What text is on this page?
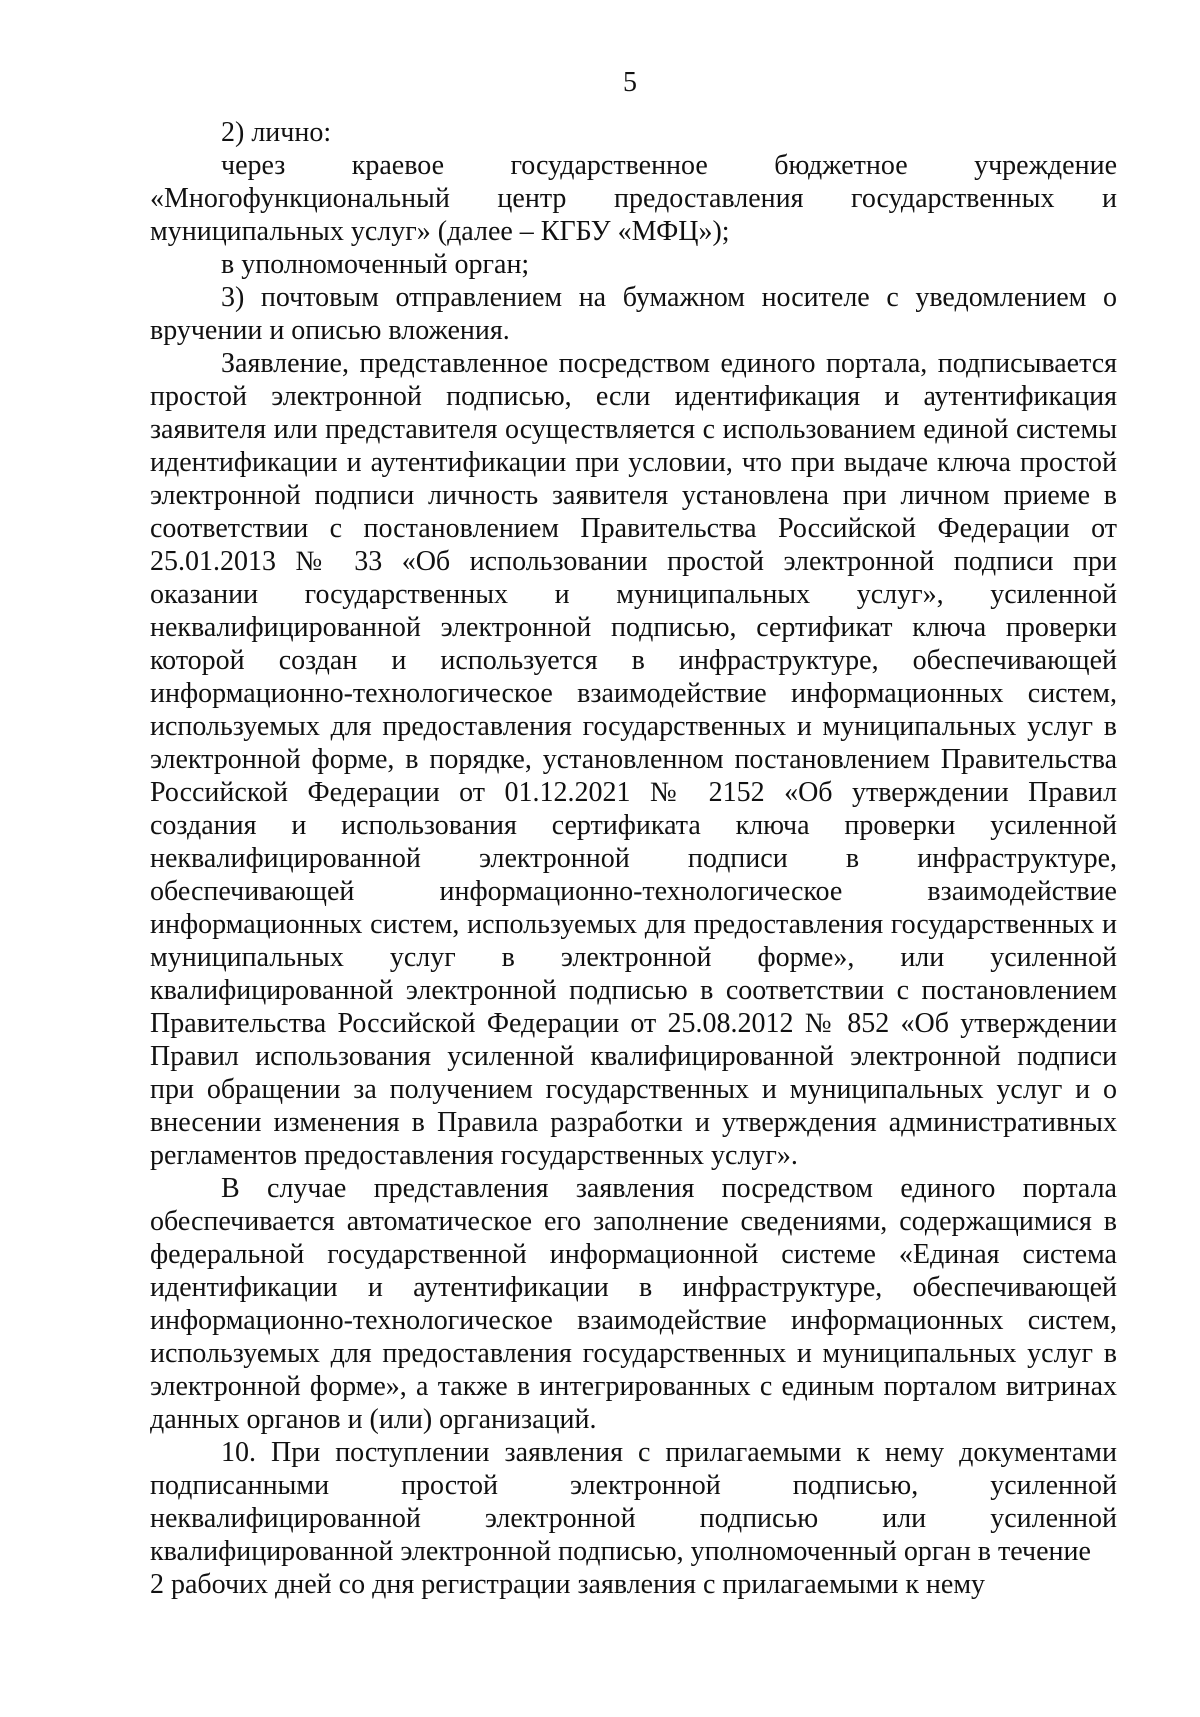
5

2) лично:

через краевое государственное бюджетное учреждение «Многофункциональный центр предоставления государственных и муниципальных услуг» (далее – КГБУ «МФЦ»);

в уполномоченный орган;

3) почтовым отправлением на бумажном носителе с уведомлением о вручении и описью вложения.

Заявление, представленное посредством единого портала, подписывается простой электронной подписью, если идентификация и аутентификация заявителя или представителя осуществляется с использованием единой системы идентификации и аутентификации при условии, что при выдаче ключа простой электронной подписи личность заявителя установлена при личном приеме в соответствии с постановлением Правительства Российской Федерации от 25.01.2013 № 33 «Об использовании простой электронной подписи при оказании государственных и муниципальных услуг», усиленной неквалифицированной электронной подписью, сертификат ключа проверки которой создан и используется в инфраструктуре, обеспечивающей информационно-технологическое взаимодействие информационных систем, используемых для предоставления государственных и муниципальных услуг в электронной форме, в порядке, установленном постановлением Правительства Российской Федерации от 01.12.2021 № 2152 «Об утверждении Правил создания и использования сертификата ключа проверки усиленной неквалифицированной электронной подписи в инфраструктуре, обеспечивающей информационно-технологическое взаимодействие информационных систем, используемых для предоставления государственных и муниципальных услуг в электронной форме», или усиленной квалифицированной электронной подписью в соответствии с постановлением Правительства Российской Федерации от 25.08.2012 № 852 «Об утверждении Правил использования усиленной квалифицированной электронной подписи при обращении за получением государственных и муниципальных услуг и о внесении изменения в Правила разработки и утверждения административных регламентов предоставления государственных услуг».

В случае представления заявления посредством единого портала обеспечивается автоматическое его заполнение сведениями, содержащимися в федеральной государственной информационной системе «Единая система идентификации и аутентификации в инфраструктуре, обеспечивающей информационно-технологическое взаимодействие информационных систем, используемых для предоставления государственных и муниципальных услуг в электронной форме», а также в интегрированных с единым порталом витринах данных органов и (или) организаций.

10. При поступлении заявления с прилагаемыми к нему документами подписанными простой электронной подписью, усиленной неквалифицированной электронной подписью или усиленной квалифицированной электронной подписью, уполномоченный орган в течение

2 рабочих дней со дня регистрации заявления с прилагаемыми к нему
